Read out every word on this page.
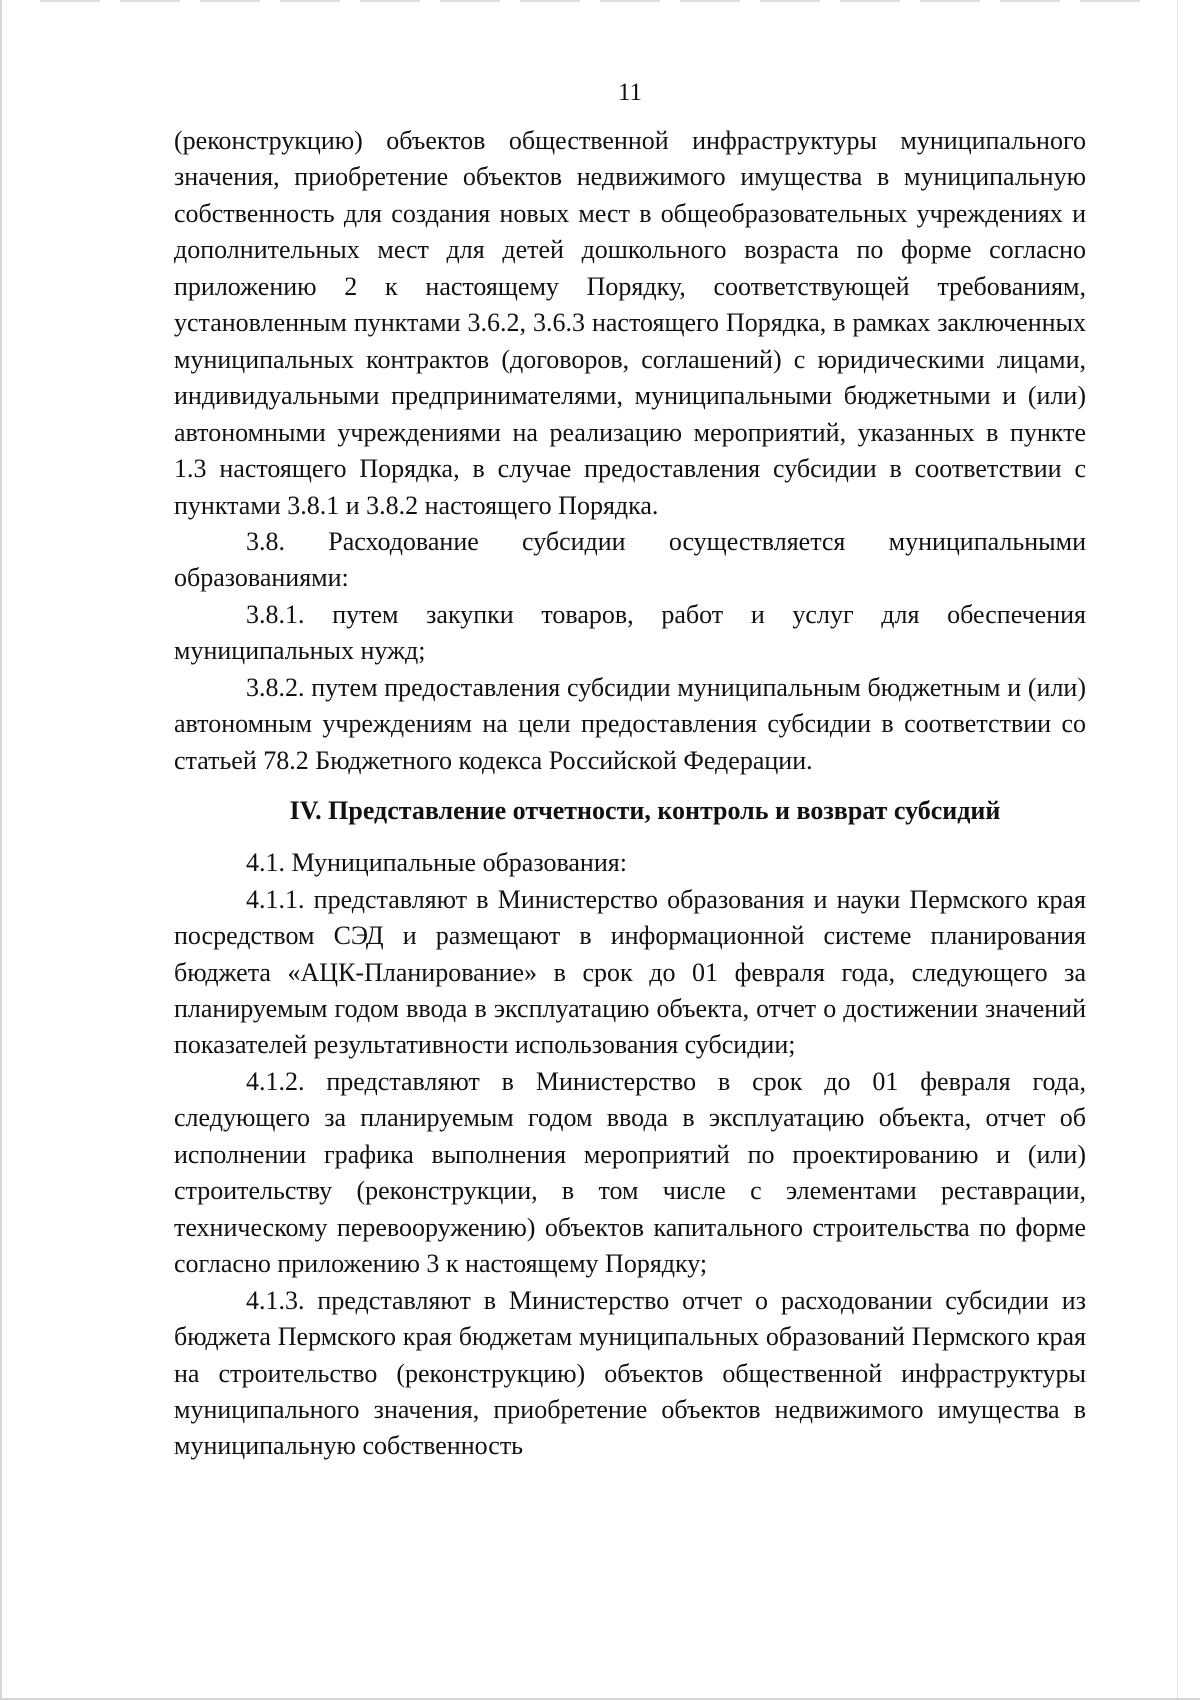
11

(реконструкцию) объектов общественной инфраструктуры муниципального значения, приобретение объектов недвижимого имущества в муниципальную собственность для создания новых мест в общеобразовательных учреждениях и дополнительных мест для детей дошкольного возраста по форме согласно приложению 2 к настоящему Порядку, соответствующей требованиям, установленным пунктами 3.6.2, 3.6.3 настоящего Порядка, в рамках заключенных муниципальных контрактов (договоров, соглашений) с юридическими лицами, индивидуальными предпринимателями, муниципальными бюджетными и (или) автономными учреждениями на реализацию мероприятий, указанных в пункте 1.3 настоящего Порядка, в случае предоставления субсидии в соответствии с пунктами 3.8.1 и 3.8.2 настоящего Порядка.

3.8. Расходование субсидии осуществляется муниципальными образованиями:

3.8.1. путем закупки товаров, работ и услуг для обеспечения муниципальных нужд;

3.8.2. путем предоставления субсидии муниципальным бюджетным и (или) автономным учреждениям на цели предоставления субсидии в соответствии со статьей 78.2 Бюджетного кодекса Российской Федерации.

IV. Представление отчетности, контроль и возврат субсидий

4.1. Муниципальные образования:

4.1.1. представляют в Министерство образования и науки Пермского края посредством СЭД и размещают в информационной системе планирования бюджета «АЦК-Планирование» в срок до 01 февраля года, следующего за планируемым годом ввода в эксплуатацию объекта, отчет о достижении значений показателей результативности использования субсидии;

4.1.2. представляют в Министерство в срок до 01 февраля года, следующего за планируемым годом ввода в эксплуатацию объекта, отчет об исполнении графика выполнения мероприятий по проектированию и (или) строительству (реконструкции, в том числе с элементами реставрации, техническому перевооружению) объектов капитального строительства по форме согласно приложению 3 к настоящему Порядку;

4.1.3. представляют в Министерство отчет о расходовании субсидии из бюджета Пермского края бюджетам муниципальных образований Пермского края на строительство (реконструкцию) объектов общественной инфраструктуры муниципального значения, приобретение объектов недвижимого имущества в муниципальную собственность
